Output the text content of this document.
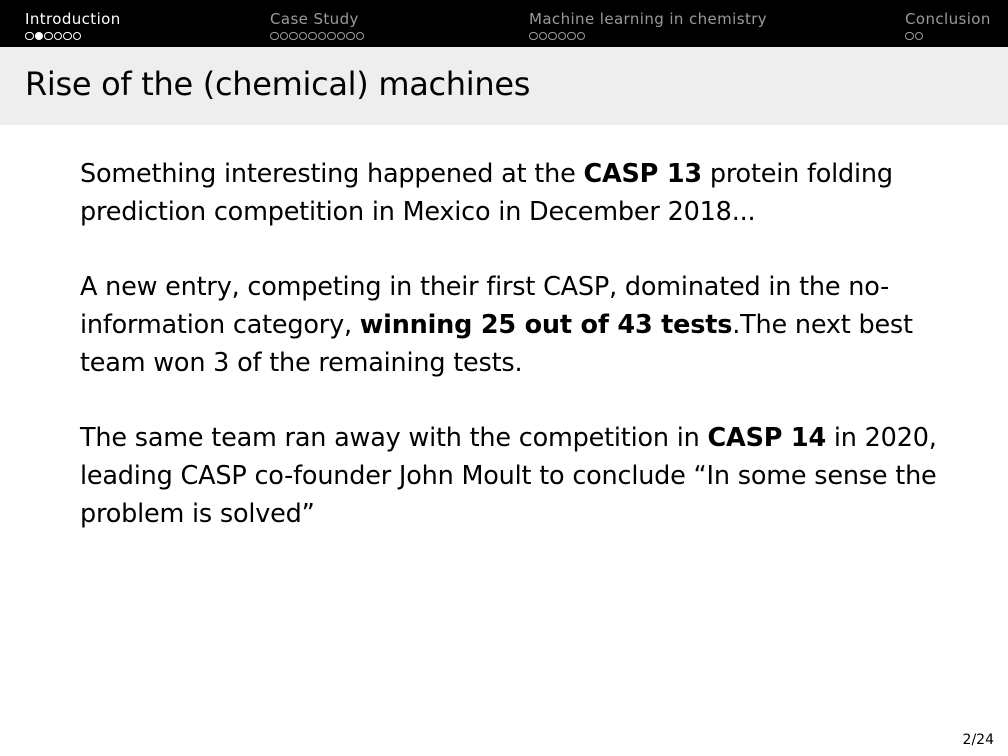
Introduction	Case Study	Machine learning in chemistry	Conclusion
Rise of the (chemical) machines

Something interesting happened at the CASP 13 protein folding prediction competition in Mexico in December 2018...

A new entry, competing in their first CASP, dominated in the no-information category, winning 25 out of 43 tests.The next best team won 3 of the remaining tests.

The same team ran away with the competition in CASP 14 in 2020, leading CASP co-founder John Moult to conclude “In some sense the problem is solved”

2/24
